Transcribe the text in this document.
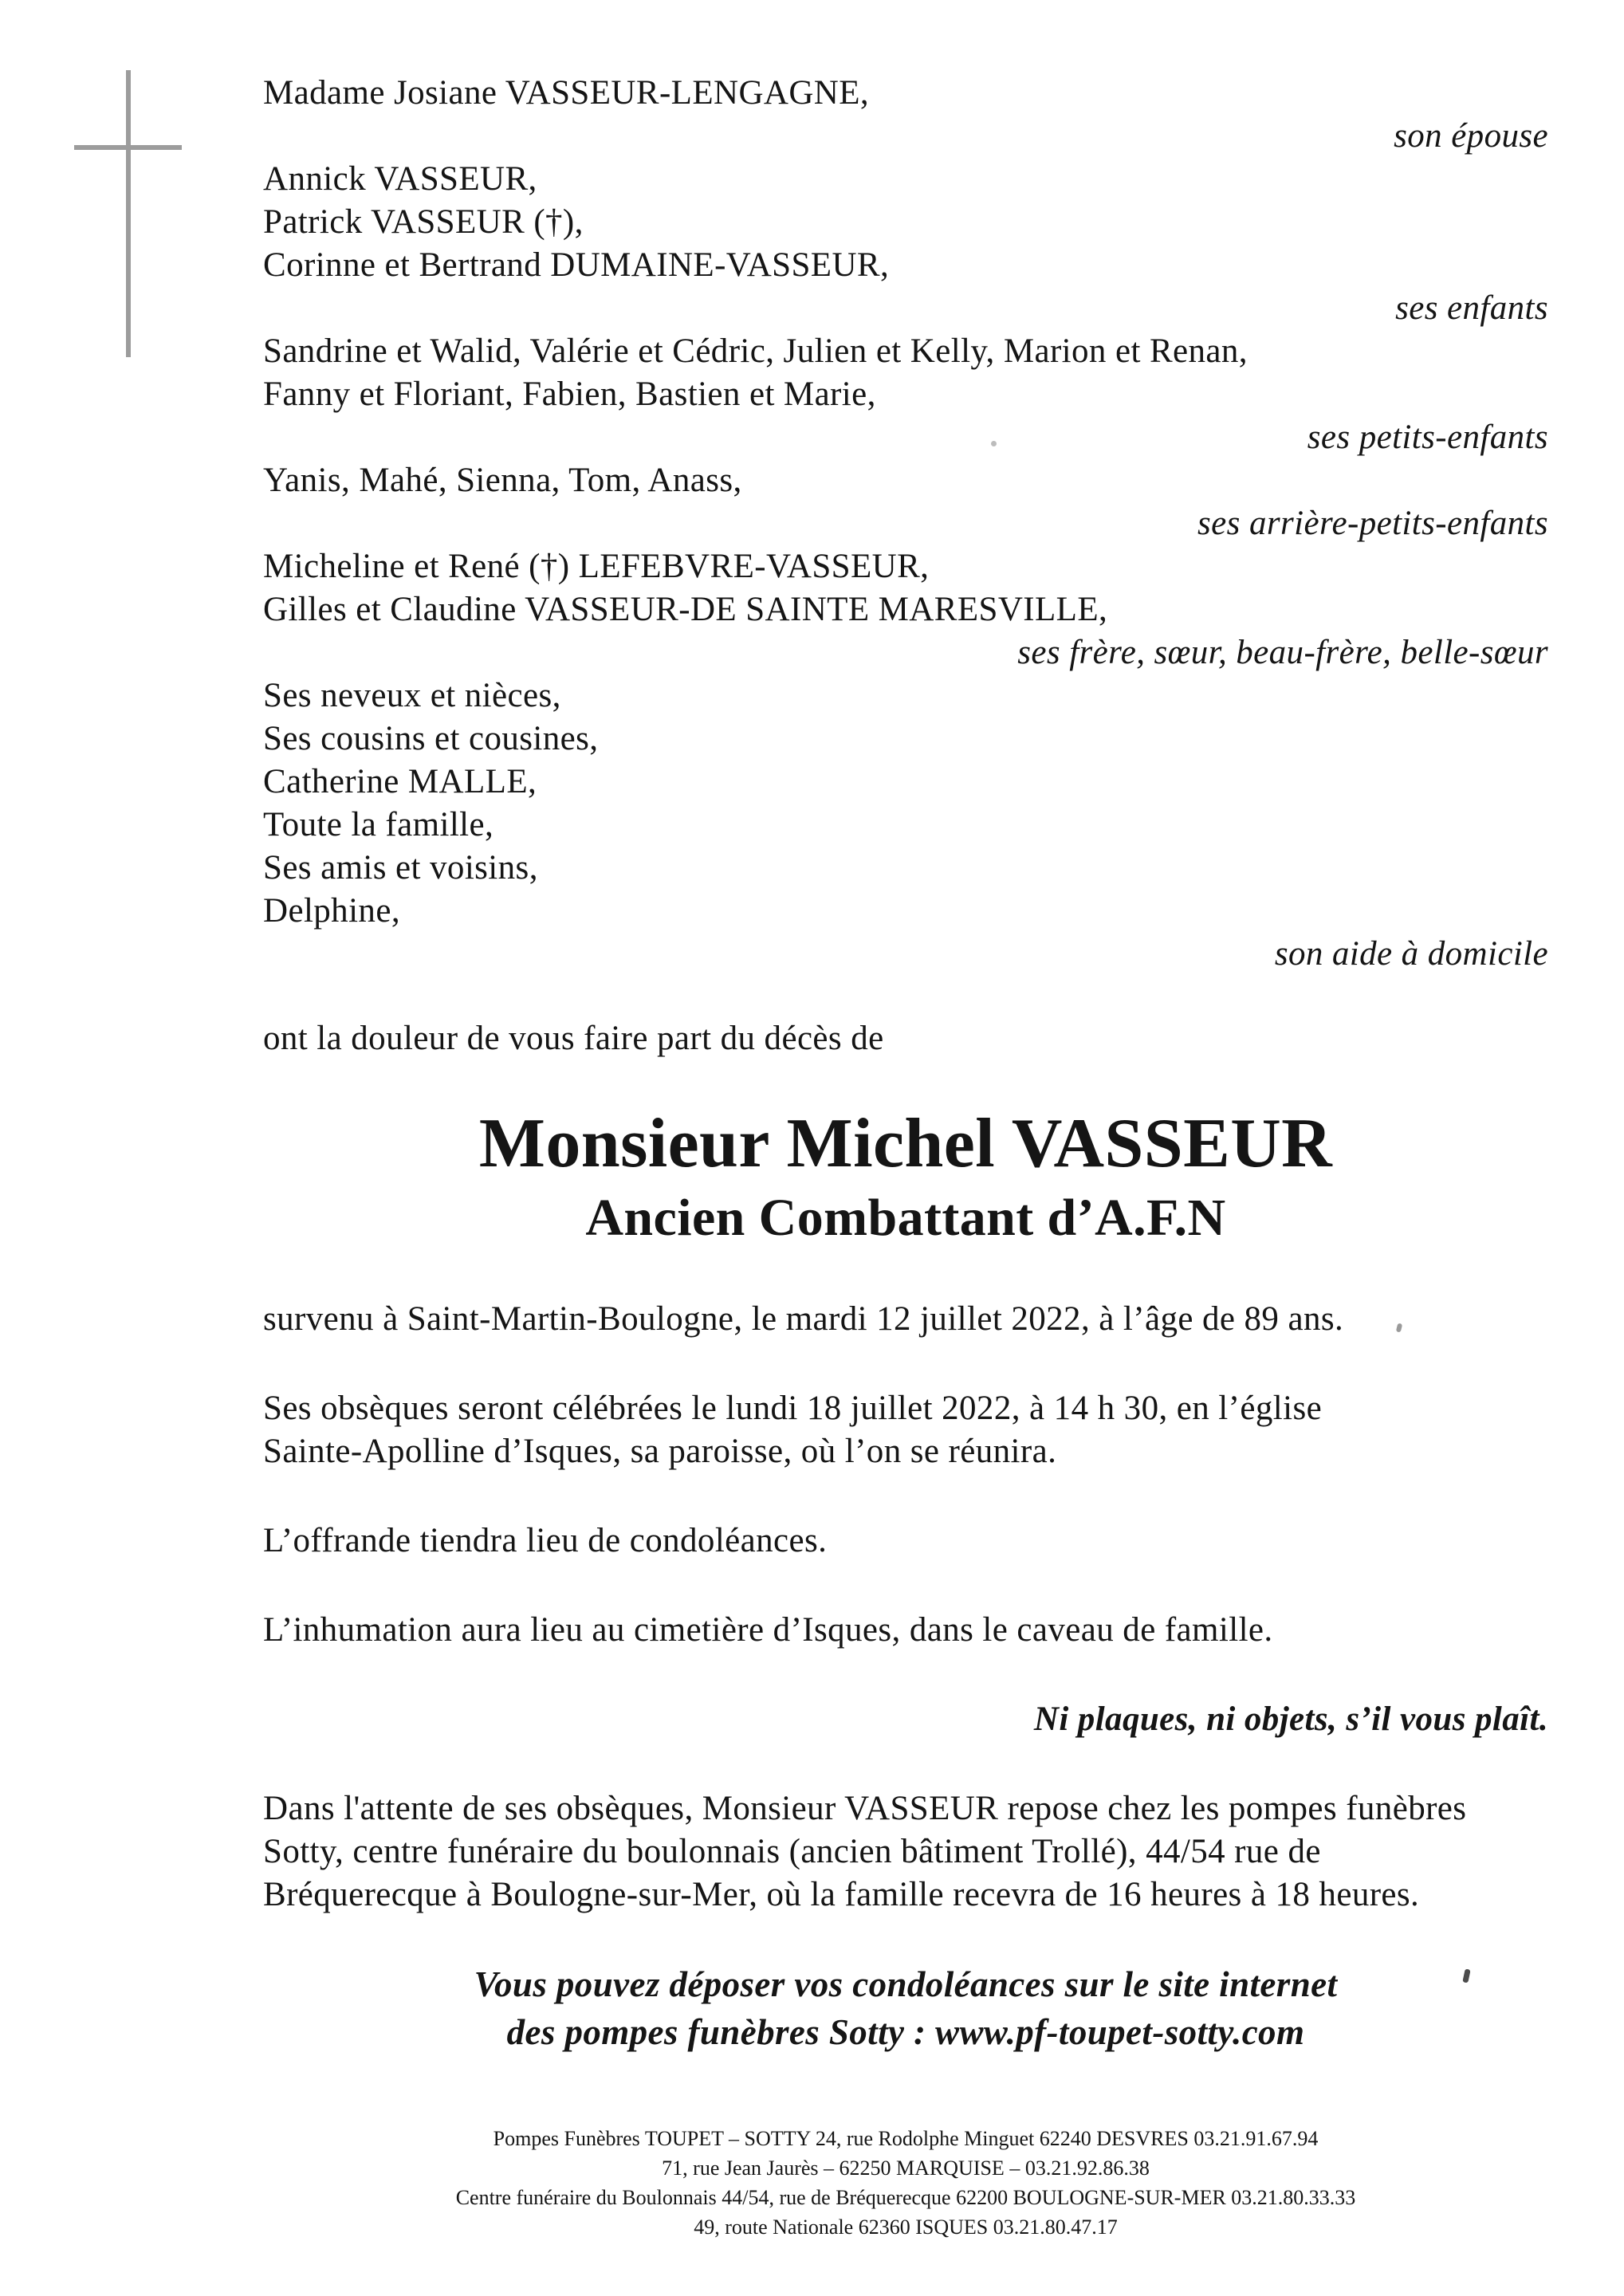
Madame Josiane VASSEUR-LENGAGNE,
son épouse
Annick VASSEUR,
Patrick VASSEUR (†),
Corinne et Bertrand DUMAINE-VASSEUR,
ses enfants
Sandrine et Walid, Valérie et Cédric, Julien et Kelly, Marion et Renan,
Fanny et Floriant, Fabien, Bastien et Marie,
ses petits-enfants
Yanis, Mahé, Sienna, Tom, Anass,
ses arrière-petits-enfants
Micheline et René (†) LEFEBVRE-VASSEUR,
Gilles et Claudine VASSEUR-DE SAINTE MARESVILLE,
ses frère, sœur, beau-frère, belle-sœur
Ses neveux et nièces,
Ses cousins et cousines,
Catherine MALLE,
Toute la famille,
Ses amis et voisins,
Delphine,
son aide à domicile
ont la douleur de vous faire part du décès de
Monsieur Michel VASSEUR
Ancien Combattant d’A.F.N
survenu à Saint-Martin-Boulogne, le mardi 12 juillet 2022, à l’âge de 89 ans.
Ses obsèques seront célébrées le lundi 18 juillet 2022, à 14 h 30, en l’église
Sainte-Apolline d’Isques, sa paroisse, où l’on se réunira.
L’offrande tiendra lieu de condoléances.
L’inhumation aura lieu au cimetière d’Isques, dans le caveau de famille.
Ni plaques, ni objets, s’il vous plaît.
Dans l'attente de ses obsèques, Monsieur VASSEUR repose chez les pompes funèbres
Sotty, centre funéraire du boulonnais (ancien bâtiment Trollé), 44/54 rue de
Bréquerecque à Boulogne-sur-Mer, où la famille recevra de 16 heures à 18 heures.
Vous pouvez déposer vos condoléances sur le site internet
des pompes funèbres Sotty : www.pf-toupet-sotty.com
Pompes Funèbres TOUPET – SOTTY 24, rue Rodolphe Minguet 62240 DESVRES 03.21.91.67.94
71, rue Jean Jaurès – 62250 MARQUISE – 03.21.92.86.38
Centre funéraire du Boulonnais 44/54, rue de Bréquerecque 62200 BOULOGNE-SUR-MER 03.21.80.33.33
49, route Nationale 62360 ISQUES 03.21.80.47.17
